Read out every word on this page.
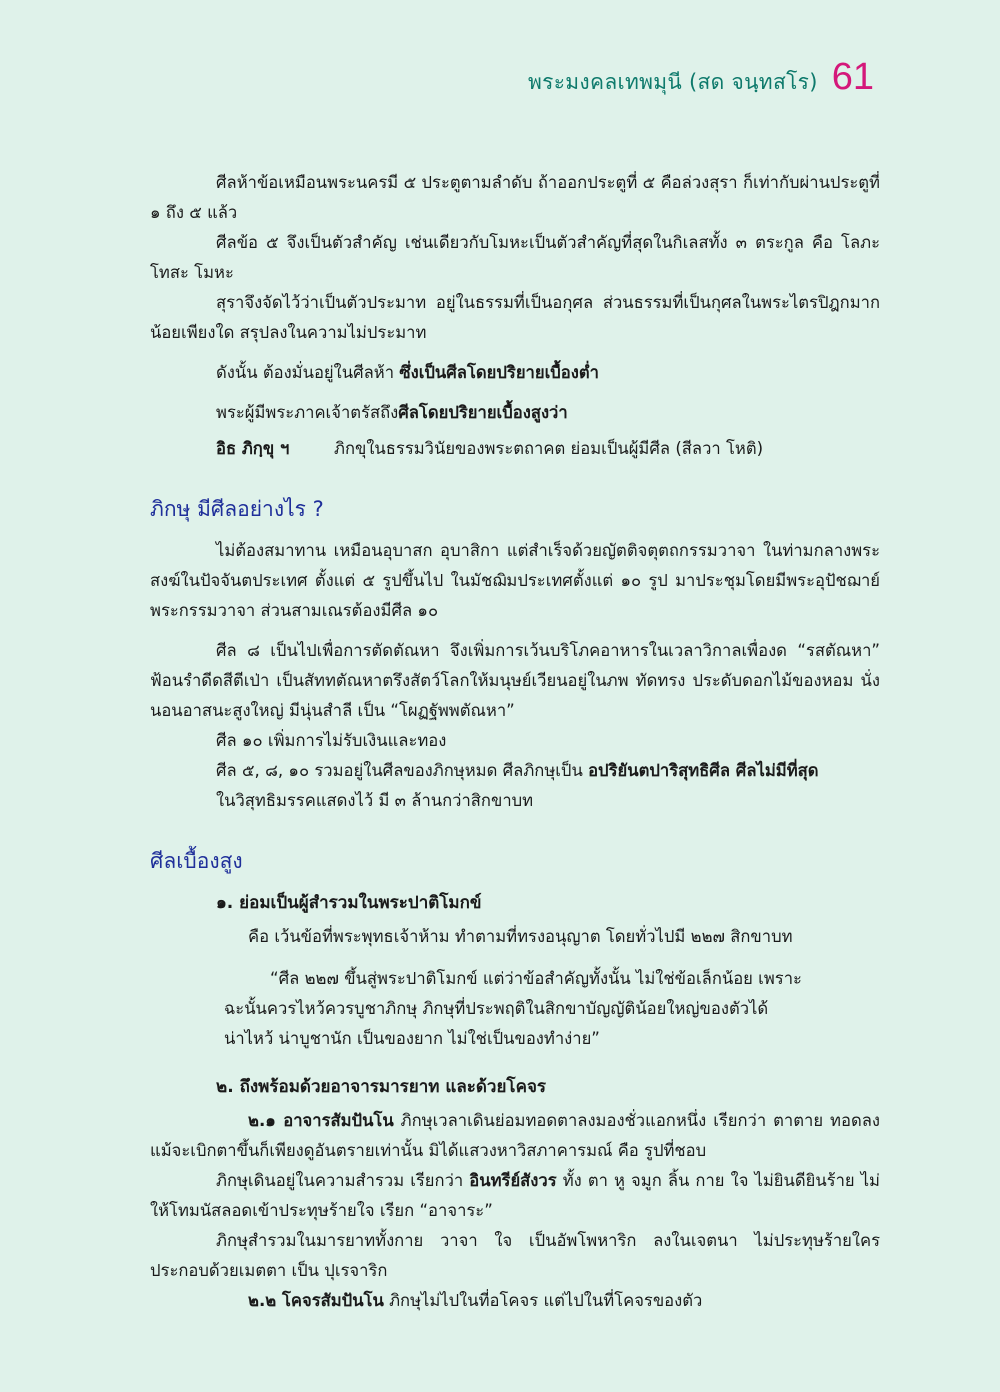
พระมงคลเทพมุนี (สด จนฺทสโร) 61

ศีลห้าข้อเหมือนพระนครมี ๕ ประตูตามลำดับ ถ้าออกประตูที่ ๕ คือล่วงสุรา ก็เท่ากับผ่านประตูที่ ๑ ถึง ๕ แล้ว

ศีลข้อ ๕ จึงเป็นตัวสำคัญ เช่นเดียวกับโมหะเป็นตัวสำคัญที่สุดในกิเลสทั้ง ๓ ตระกูล คือ โลภะ โทสะ โมหะ

สุราจึงจัดไว้ว่าเป็นตัวประมาท อยู่ในธรรมที่เป็นอกุศล ส่วนธรรมที่เป็นกุศลในพระไตรปิฎกมากน้อยเพียงใด สรุปลงในความไม่ประมาท

ดังนั้น ต้องมั่นอยู่ในศีลห้า ซึ่งเป็นศีลโดยปริยายเบื้องต่ำ

พระผู้มีพระภาคเจ้าตรัสถึงศีลโดยปริยายเบื้องสูงว่า

อิธ ภิกฺขุ ฯ	ภิกขุในธรรมวินัยของพระตถาคต ย่อมเป็นผู้มีศีล (สีลวา โหติ)
ภิกษุ มีศีลอย่างไร ?

ไม่ต้องสมาทาน เหมือนอุบาสก อุบาสิกา แต่สำเร็จด้วยญัตติจตุตถกรรมวาจา ในท่ามกลางพระสงฆ์ในปัจจันตประเทศ ตั้งแต่ ๕ รูปขึ้นไป ในมัชฌิมประเทศตั้งแต่ ๑๐ รูป มาประชุมโดยมีพระอุปัชฌาย์ พระกรรมวาจา ส่วนสามเณรต้องมีศีล ๑๐

ศีล ๘ เป็นไปเพื่อการตัดตัณหา จึงเพิ่มการเว้นบริโภคอาหารในเวลาวิกาลเพื่องด “รสตัณหา” ฟ้อนรำดีดสีตีเป่า เป็นสัททตัณหาตรึงสัตว์โลกให้มนุษย์เวียนอยู่ในภพ ทัดทรง ประดับดอกไม้ของหอม นั่งนอนอาสนะสูงใหญ่ มีนุ่นสำลี เป็น “โผฏฐัพพตัณหา”

ศีล ๑๐ เพิ่มการไม่รับเงินและทอง

ศีล ๕, ๘, ๑๐ รวมอยู่ในศีลของภิกษุหมด ศีลภิกษุเป็น อปริยันตปาริสุทธิศีล ศีลไม่มีที่สุด

ในวิสุทธิมรรคแสดงไว้ มี ๓ ล้านกว่าสิกขาบท

ศีลเบื้องสูง
๑. ย่อมเป็นผู้สำรวมในพระปาติโมกข์

คือ เว้นข้อที่พระพุทธเจ้าห้าม ทำตามที่ทรงอนุญาต โดยทั่วไปมี ๒๒๗ สิกขาบท

“ศีล ๒๒๗ ขึ้นสู่พระปาติโมกข์ แต่ว่าข้อสำคัญทั้งนั้น ไม่ใช่ข้อเล็กน้อย เพราะ
ฉะนั้นควรไหว้ควรบูชาภิกษุ ภิกษุที่ประพฤติในสิกขาบัญญัติน้อยใหญ่ของตัวได้
น่าไหว้ น่าบูชานัก เป็นของยาก ไม่ใช่เป็นของทำง่าย”
๒. ถึงพร้อมด้วยอาจารมารยาท และด้วยโคจร

๒.๑ อาจารสัมปันโน ภิกษุเวลาเดินย่อมทอดตาลงมองชั่วแอกหนึ่ง เรียกว่า ตาตาย ทอดลง แม้จะเบิกตาขึ้นก็เพียงดูอันตรายเท่านั้น มิได้แสวงหาวิสภาคารมณ์ คือ รูปที่ชอบ

ภิกษุเดินอยู่ในความสำรวม เรียกว่า อินทรีย์สังวร ทั้ง ตา หู จมูก ลิ้น กาย ใจ ไม่ยินดียินร้าย ไม่ให้โทมนัสลอดเข้าประทุษร้ายใจ เรียก “อาจาระ”

ภิกษุสำรวมในมารยาททั้งกาย วาจา ใจ เป็นอัพโพหาริก ลงในเจตนา ไม่ประทุษร้ายใครประกอบด้วยเมตตา เป็น ปุเรจาริก

๒.๒ โคจรสัมปันโน ภิกษุไม่ไปในที่อโคจร แต่ไปในที่โคจรของตัว
